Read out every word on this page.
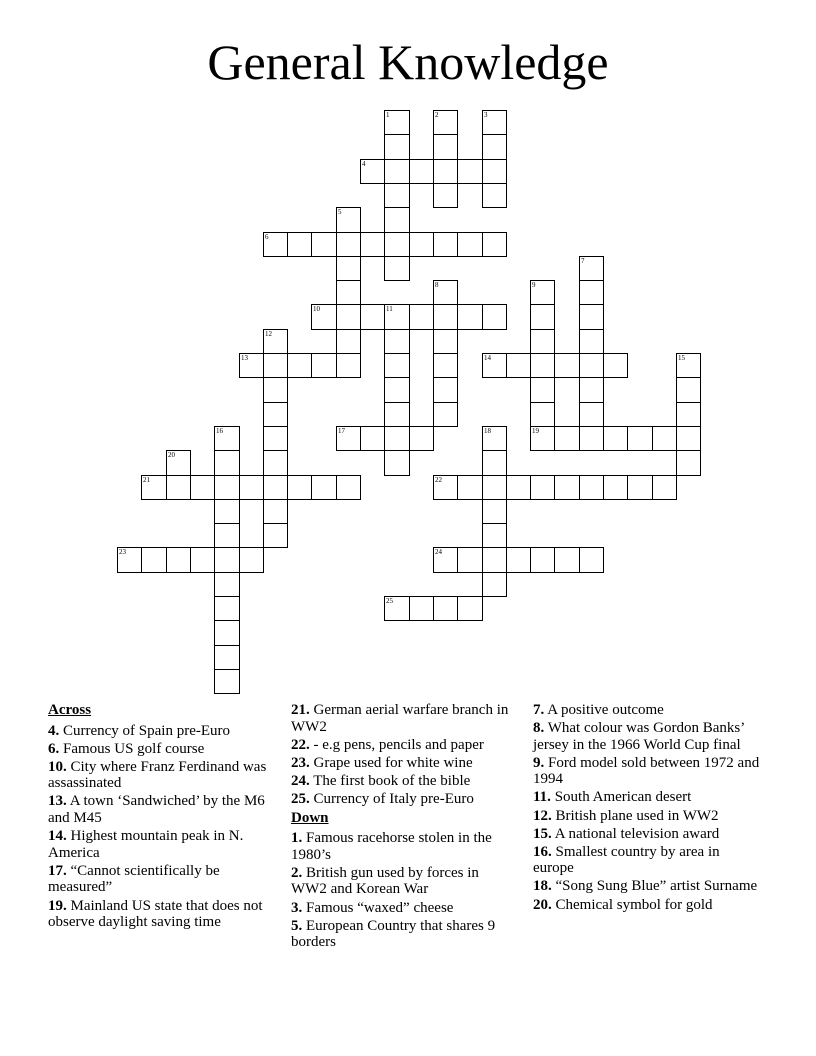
General Knowledge
4
6
10	11
13	14
17	19
21	22
23	24
25
1	2	3
5
7
8	9
12
15
16	18
20
Across
4. Currency of Spain pre-Euro
6. Famous US golf course
10. City where Franz Ferdinand was assassinated
13. A town ‘Sandwiched’ by the M6 and M45
14. Highest mountain peak in N. America
17. “Cannot scientifically be measured”
19. Mainland US state that does not observe daylight saving time
21. German aerial warfare branch in WW2
22. - e.g pens, pencils and paper
23. Grape used for white wine
24. The first book of the bible
25. Currency of Italy pre-Euro
Down
1. Famous racehorse stolen in the 1980’s
2. British gun used by forces in WW2 and Korean War
3. Famous “waxed” cheese
5. European Country that shares 9 borders
7. A positive outcome
8. What colour was Gordon Banks’ jersey in the 1966 World Cup final
9. Ford model sold between 1972 and 1994
11. South American desert
12. British plane used in WW2
15. A national television award
16. Smallest country by area in europe
18. “Song Sung Blue” artist Surname
20. Chemical symbol for gold
